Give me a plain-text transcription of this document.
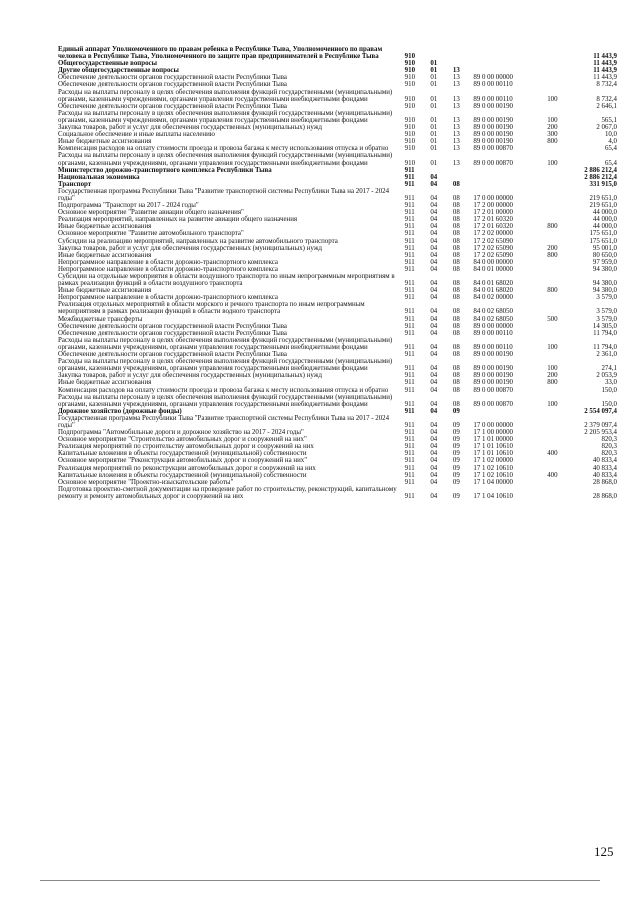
Единый аппарат Уполномоченного по правам ребенка в Республике Тыва, Уполномоченного по правам человека в Республике Тыва, Уполномоченного по защите прав предпринимателей в Республике Тыва	910					11 443,9
Общегосударственные вопросы	910	01				11 443,9
Другие общегосударственные вопросы	910	01	13			11 443,9
Обеспечение деятельности органов государственной власти Республики Тыва	910	01	13	89 0 00 00000		11 443,9
Обеспечение деятельности органов государственной власти Республики Тыва	910	01	13	89 0 00 00110		8 732,4
Расходы на выплаты персоналу в целях обеспечения выполнения функций государственными (муниципальными) органами, казенными учреждениями, органами управления государственными внебюджетными фондами	910	01	13	89 0 00 00110	100	8 732,4
Обеспечение деятельности органов государственной власти Республики Тыва	910	01	13	89 0 00 00190		2 646,1
Расходы на выплаты персоналу в целях обеспечения выполнения функций государственными (муниципальными) органами, казенными учреждениями, органами управления государственными внебюджетными фондами	910	01	13	89 0 00 00190	100	565,1
Закупка товаров, работ и услуг для обеспечения государственных (муниципальных) нужд	910	01	13	89 0 00 00190	200	2 067,0
Социальное обеспечение и иные выплаты населению	910	01	13	89 0 00 00190	300	10,0
Иные бюджетные ассигнования	910	01	13	89 0 00 00190	800	4,0
Компенсация расходов на оплату стоимости проезда и провоза багажа к месту использования отпуска и обратно	910	01	13	89 0 00 00870		65,4
Расходы на выплаты персоналу в целях обеспечения выполнения функций государственными (муниципальными) органами, казенными учреждениями, органами управления государственными внебюджетными фондами	910	01	13	89 0 00 00870	100	65,4
Министерство дорожно-транспортного комплекса Республики Тыва	911					2 886 212,4
Национальная экономика	911	04				2 886 212,4
Транспорт	911	04	08			331 915,0
Государственная программа Республики Тыва "Развитие транспортной системы Республики Тыва на 2017 - 2024 годы"	911	04	08	17 0 00 00000		219 651,0
Подпрограмма "Транспорт на 2017 - 2024 годы"	911	04	08	17 2 00 00000		219 651,0
Основное мероприятие "Развитие авиации общего назначения"	911	04	08	17 2 01 00000		44 000,0
Реализация мероприятий, направленных на развитие авиации общего назначения	911	04	08	17 2 01 60320		44 000,0
Иные бюджетные ассигнования	911	04	08	17 2 01 60320	800	44 000,0
Основное мероприятие "Развитие автомобильного транспорта"	911	04	08	17 2 02 00000		175 651,0
Субсидии на реализацию мероприятий, направленных на развитие автомобильного транспорта	911	04	08	17 2 02 65090		175 651,0
Закупка товаров, работ и услуг для обеспечения государственных (муниципальных) нужд	911	04	08	17 2 02 65090	200	95 001,0
Иные бюджетные ассигнования	911	04	08	17 2 02 65090	800	80 650,0
Непрограммное направление в области дорожно-транспортного комплекса	911	04	08	84 0 00 00000		97 959,0
Непрограммное направление в области дорожно-транспортного комплекса	911	04	08	84 0 01 00000		94 380,0
Субсидии на отдельные мероприятия в области воздушного транспорта по иным непрограммным мероприятиям в рамках реализации функций в области воздушного транспорта	911	04	08	84 0 01 68020		94 380,0
Иные бюджетные ассигнования	911	04	08	84 0 01 68020	800	94 380,0
Непрограммное направление в области дорожно-транспортного комплекса	911	04	08	84 0 02 00000		3 579,0
Реализация отдельных мероприятий в области морского и речного транспорта по иным непрограммным мероприятиям в рамках реализации функций в области водного транспорта	911	04	08	84 0 02 68050		3 579,0
Межбюджетные трансферты	911	04	08	84 0 02 68050	500	3 579,0
Обеспечение деятельности органов государственной власти Республики Тыва	911	04	08	89 0 00 00000		14 305,0
Обеспечение деятельности органов государственной власти Республики Тыва	911	04	08	89 0 00 00110		11 794,0
Расходы на выплаты персоналу в целях обеспечения выполнения функций государственными (муниципальными) органами, казенными учреждениями, органами управления государственными внебюджетными фондами	911	04	08	89 0 00 00110	100	11 794,0
Обеспечение деятельности органов государственной власти Республики Тыва	911	04	08	89 0 00 00190		2 361,0
Расходы на выплаты персоналу в целях обеспечения выполнения функций государственными (муниципальными) органами, казенными учреждениями, органами управления государственными внебюджетными фондами	911	04	08	89 0 00 00190	100	274,1
Закупка товаров, работ и услуг для обеспечения государственных (муниципальных) нужд	911	04	08	89 0 00 00190	200	2 053,9
Иные бюджетные ассигнования	911	04	08	89 0 00 00190	800	33,0
Компенсация расходов на оплату стоимости проезда и провоза багажа к месту использования отпуска и обратно	911	04	08	89 0 00 00870		150,0
Расходы на выплаты персоналу в целях обеспечения выполнения функций государственными (муниципальными) органами, казенными учреждениями, органами управления государственными внебюджетными фондами	911	04	08	89 0 00 00870	100	150,0
Дорожное хозяйство (дорожные фонды)	911	04	09			2 554 097,4
Государственная программа Республики Тыва "Развитие транспортной системы Республики Тыва на 2017 - 2024 годы"	911	04	09	17 0 00 00000		2 379 097,4
Подпрограмма "Автомобильные дороги и дорожное хозяйство на 2017 - 2024 годы"	911	04	09	17 1 00 00000		2 205 953,4
Основное мероприятие "Строительство автомобильных дорог и сооружений на них"	911	04	09	17 1 01 00000		820,3
Реализация мероприятий по строительству автомобильных дорог и сооружений на них	911	04	09	17 1 01 10610		820,3
Капитальные вложения в объекты государственной (муниципальной) собственности	911	04	09	17 1 01 10610	400	820,3
Основное мероприятие "Реконструкция автомобильных дорог и сооружений на них"	911	04	09	17 1 02 00000		40 833,4
Реализация мероприятий по реконструкции автомобильных дорог и сооружений на них	911	04	09	17 1 02 10610		40 833,4
Капитальные вложения в объекты государственной (муниципальной) собственности	911	04	09	17 1 02 10610	400	40 833,4
Основное мероприятие "Проектно-изыскательские работы"	911	04	09	17 1 04 00000		28 868,0
Подготовка проектно-сметной документации на проведение работ по строительству, реконструкций, капитальному ремонту и ремонту автомобильных дорог и сооружений на них	911	04	09	17 1 04 10610		28 868,0
125
